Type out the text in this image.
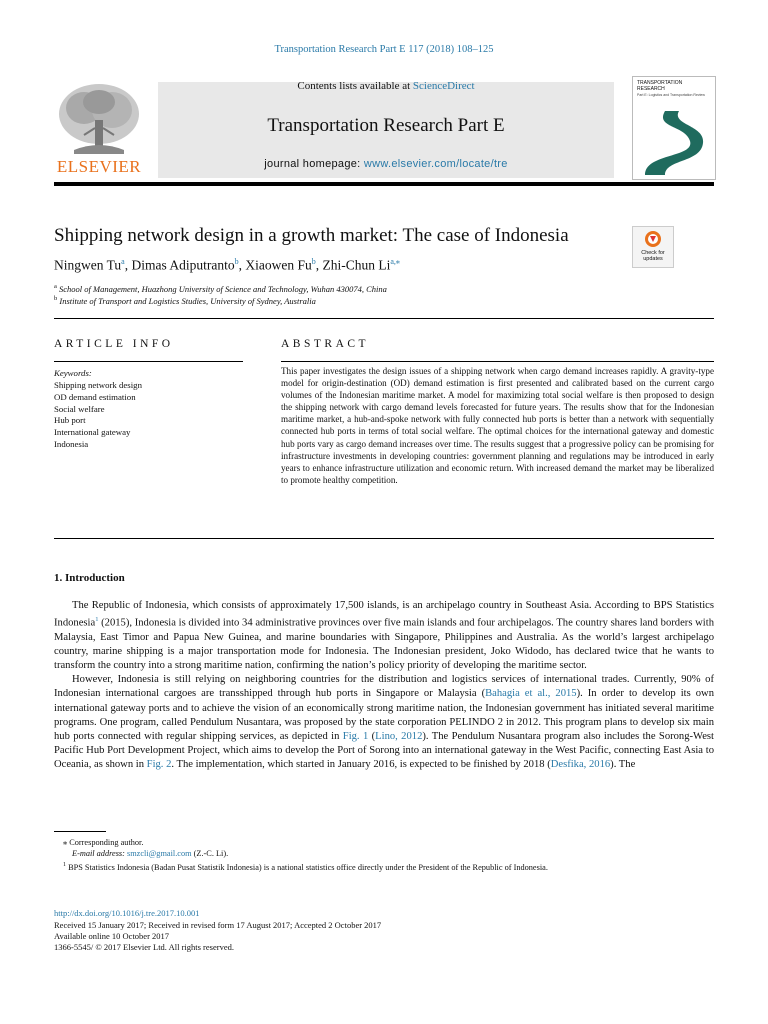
Transportation Research Part E 117 (2018) 108–125
ELSEVIER
Contents lists available at ScienceDirect
Transportation Research Part E
journal homepage: www.elsevier.com/locate/tre
TRANSPORTATION RESEARCH
Part E: Logistics and Transportation Review
Shipping network design in a growth market: The case of Indonesia
Check for updates
Ningwen Tu$^a$, Dimas Adiputranto$^b$, Xiaowen Fu$^b$, Zhi-Chun $Li^{a,⁎}$
$^a$ School of Management, Huazhong University of Science and Technology, Wuhan 430074, China
$^b$ Institute of Transport and Logistics Studies, University of Sydney, Australia
ARTICLE INFO
Keywords:
Shipping network design
OD demand estimation
Social welfare
Hub port
International gateway
Indonesia
ABSTRACT

This paper investigates the design issues of a shipping network when cargo demand increases rapidly. A gravity-type model for origin-destination (OD) demand estimation is first presented and calibrated based on the current cargo volumes of the Indonesian maritime market. A model for maximizing total social welfare is then proposed to design the shipping network with cargo demand levels forecasted for future years. The results show that for the Indonesian maritime market, a hub-and-spoke network with fully connected hub ports is better than a network with sequentially connected hub ports in terms of total social welfare. The optimal choices for the international gateway and domestic hub ports vary as cargo demand increases over time. The results suggest that a progressive policy can be promising for infrastructure investments in developing countries: government planning and regulations may be introduced in early years to enhance infrastructure utilization and economic return. With increased demand the market may be liberalized to promote healthy competition.

1. Introduction

The Republic of Indonesia, which consists of approximately 17,500 islands, is an archipelago country in Southeast Asia. According to BPS Statistics Indonesia$^1$ (2015), Indonesia is divided into 34 administrative provinces over five main islands and four archipelagos. The country shares land borders with Malaysia, East Timor and Papua New Guinea, and marine boundaries with Singapore, Philippines and Australia. As the world’s largest archipelago country, marine shipping is a major transportation mode for Indonesia. The Indonesian president, Joko Widodo, has declared twice that he wants to transform the country into a strong maritime nation, confirming the nation’s policy priority of developing the maritime sector.

However, Indonesia is still relying on neighboring countries for the distribution and logistics services of international trades. Currently, 90% of Indonesian international cargoes are transshipped through hub ports in Singapore or Malaysia (Bahagia et al., 2015). In order to develop its own international gateway ports and to achieve the vision of an economically strong maritime nation, the Indonesian government has initiated several maritime programs. One program, called Pendulum Nusantara, was proposed by the state corporation PELINDO 2 in 2012. This program plans to develop six main hub ports connected with regular shipping services, as depicted in Fig. 1 (Lino, 2012). The Pendulum Nusantara program also includes the Sorong-West Pacific Hub Port Development Project, which aims to develop the Port of Sorong into an international gateway in the West Pacific, connecting East Asia to Oceania, as shown in Fig. 2. The implementation, which started in January 2016, is expected to be finished by 2018 (Desfika, 2016). The

⁎ Corresponding author.
E-mail address: smzcli@gmail.com (Z.-C. Li).
$^1$ BPS Statistics Indonesia (Badan Pusat Statistik Indonesia) is a national statistics office directly under the President of the Republic of Indonesia.
http://dx.doi.org/10.1016/j.tre.2017.10.001
Received 15 January 2017; Received in revised form 17 August 2017; Accepted 2 October 2017
Available online 10 October 2017
1366-5545/ © 2017 Elsevier Ltd. All rights reserved.
